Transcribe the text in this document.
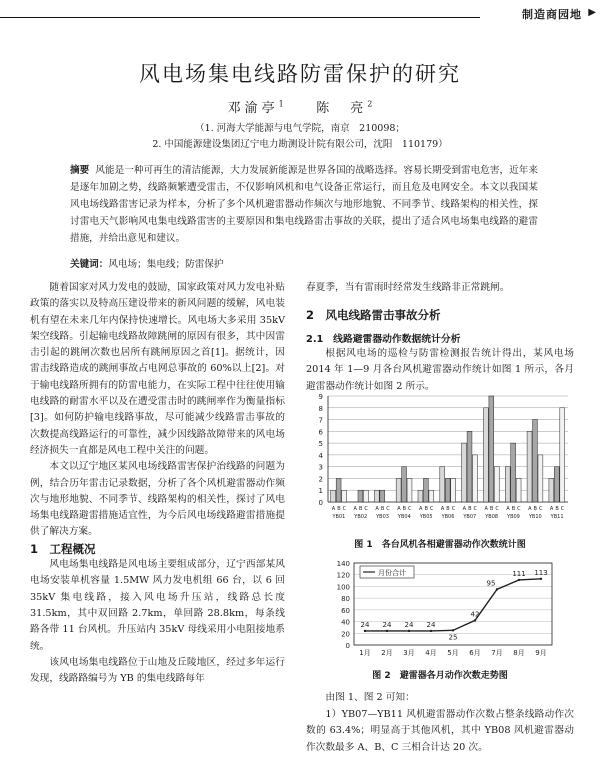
制造商园地 ▶
风电场集电线路防雷保护的研究
邓渝亭$^1$	陈　亮$^2$
（1. 河海大学能源与电气学院，南京　210098；
2. 中国能源建设集团辽宁电力勘测设计院有限公司，沈阳　110179）
摘要 风能是一种可再生的清洁能源，大力发展新能源是世界各国的战略选择。容易长期受到雷电危害，近年来是逐年加剧之势，线路频繁遭受雷击，不仅影响风机和电气设备正常运行，而且危及电网安全。本文以我国某风电场线路雷害记录为样本，分析了多个风机避雷器动作频次与地形地貌、不同季节、线路架构的相关性，探讨雷电天气影响风电集电线路雷害的主要原因和集电线路雷击事故的关联，提出了适合风电场集电线路的避雷措施，并给出意见和建议。
关键词：风电场；集电线；防雷保护

随着国家对风力发电的鼓励，国家政策对风力发电补贴政策的落实以及特高压建设带来的新风问题的缓解，风电装机有望在未来几年内保持快速增长。风电场大多采用 35kV 架空线路。引起输电线路故障跳闸的原因有很多，其中因雷击引起的跳闸次数也居所有跳闸原因之首[1]。据统计，因雷击线路造成的跳闸事故占电网总事故的 60%以上[2]。对于输电线路所拥有的防雷电能力，在实际工程中往往使用输电线路的耐雷水平以及在遭受雷击时的跳闸率作为衡量指标[3]。如何防护输电线路事故，尽可能减少线路雷击事故的次数提高线路运行的可靠性，减少因线路故障带来的风电场经济损失一直都是风电工程中关注的问题。

本文以辽宁地区某风电场线路雷害保护治线路的问题为例，结合历年雷击记录数据，分析了各个风机避雷器动作频次与地形地貌、不同季节、线路架构的相关性，探讨了风电场集电线路避雷措施适宜性，为今后风电场线路避雷措施提供了解决方案。

1　工程概况

风电场集电线路是风电场主要组成部分，辽宁西部某风电场安装单机容量 1.5MW 风力发电机组 66 台，以 6 回 35kV 集电线路，接入风电场升压站，线路总长度 31.5km，其中双回路 2.7km，单回路 28.8km，每条线路各带 11 台风机。升压站内 35kV 母线采用小电阻接地系统。

该风电场集电线路位于山地及丘陵地区，经过多年运行发现，线路路编号为 YB 的集电线路每年

春夏季，当有雷雨时经常发生线路非正常跳闸。

2　风电线路雷击事故分析
2.1　线路避雷器动作数据统计分析
根据风电场的巡检与防雷检测报告统计得出，某风电场 2014 年 1—9 月各台风机避雷器动作统计如图 1 所示，各月避雷器动作统计如图 2 所示。
0
1
2
3
4
5
6
7
8
9
A B C
YB01
A B C
YB02
A B C
YB03
A B C
YB04
A B C
YB05
A B C
YB06
A B C
YB07
A B C
YB08
A B C
YB09
A B C
YB10
A B C
YB11
图 1　各台风机各相避雷器动作次数统计图
0
20
40
60
80
100
120
140
24 24 24 24
25
42
95
111 113
1月 2月 3月 4月 5月 6月 7月 8月 9月
月份合计
图 2　避雷器各月动作次数走势图

由图 1、图 2 可知：

1）YB07—YB11 风机避雷器动作次数占整条线路动作次数的 63.4%；明显高于其他风机，其中 YB08 风机避雷器动作次数最多 A、B、C 三相合计达 20 次。
